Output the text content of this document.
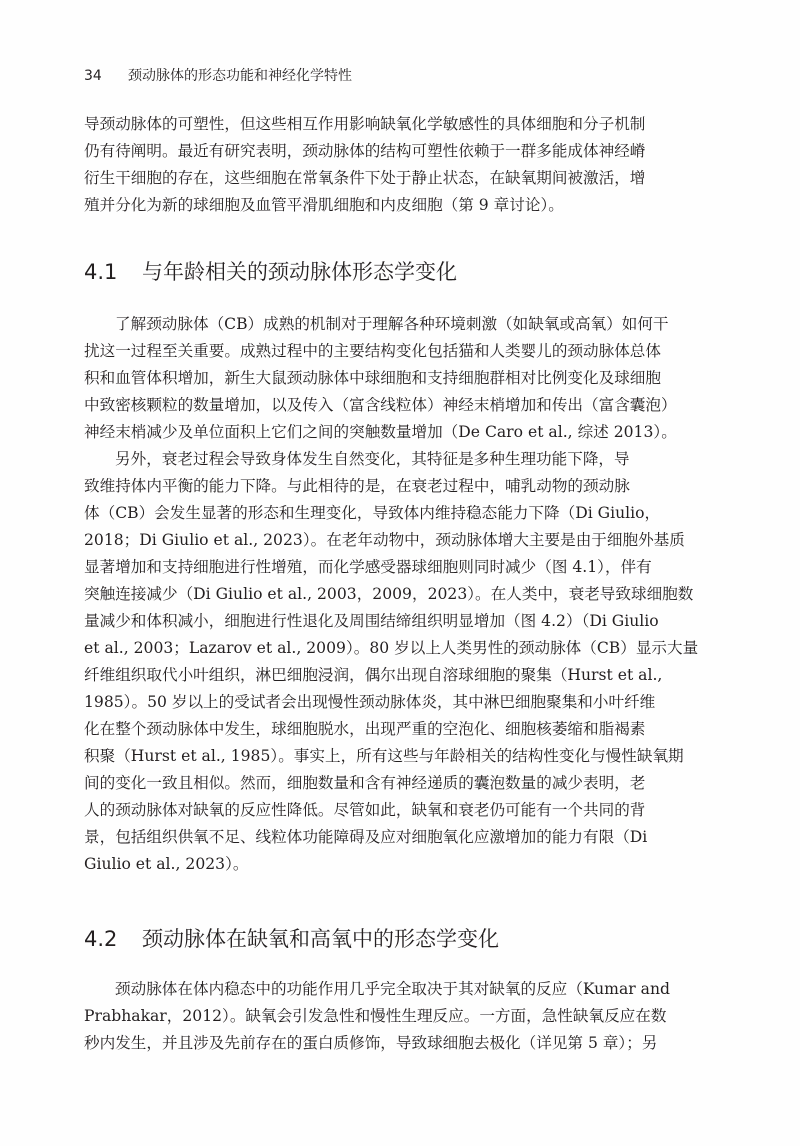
34 颈动脉体的形态功能和神经化学特性
导颈动脉体的可塑性，但这些相互作用影响缺氧化学敏感性的具体细胞和分子机制
仍有待阐明。最近有研究表明，颈动脉体的结构可塑性依赖于一群多能成体神经嵴
衍生干细胞的存在，这些细胞在常氧条件下处于静止状态，在缺氧期间被激活，增
殖并分化为新的球细胞及血管平滑肌细胞和内皮细胞（第 9 章讨论）。
4.1 与年龄相关的颈动脉体形态学变化
了解颈动脉体（CB）成熟的机制对于理解各种环境刺激（如缺氧或高氧）如何干
扰这一过程至关重要。成熟过程中的主要结构变化包括猫和人类婴儿的颈动脉体总体
积和血管体积增加，新生大鼠颈动脉体中球细胞和支持细胞群相对比例变化及球细胞
中致密核颗粒的数量增加，以及传入（富含线粒体）神经末梢增加和传出（富含囊泡）
神经末梢减少及单位面积上它们之间的突触数量增加（De Caro et al., 综述 2013）。
另外，衰老过程会导致身体发生自然变化，其特征是多种生理功能下降，导
致维持体内平衡的能力下降。与此相待的是，在衰老过程中，哺乳动物的颈动脉
体（CB）会发生显著的形态和生理变化，导致体内维持稳态能力下降（Di Giulio，
2018；Di Giulio et al., 2023）。在老年动物中，颈动脉体增大主要是由于细胞外基质
显著增加和支持细胞进行性增殖，而化学感受器球细胞则同时减少（图 4.1），伴有
突触连接减少（Di Giulio et al., 2003，2009，2023）。在人类中，衰老导致球细胞数
量减少和体积减小，细胞进行性退化及周围结缔组织明显增加（图 4.2）（Di Giulio
et al., 2003；Lazarov et al., 2009）。80 岁以上人类男性的颈动脉体（CB）显示大量
纤维组织取代小叶组织，淋巴细胞浸润，偶尔出现自溶球细胞的聚集（Hurst et al.,
1985）。50 岁以上的受试者会出现慢性颈动脉体炎，其中淋巴细胞聚集和小叶纤维
化在整个颈动脉体中发生，球细胞脱水，出现严重的空泡化、细胞核萎缩和脂褐素
积聚（Hurst et al., 1985）。事实上，所有这些与年龄相关的结构性变化与慢性缺氧期
间的变化一致且相似。然而，细胞数量和含有神经递质的囊泡数量的减少表明，老
人的颈动脉体对缺氧的反应性降低。尽管如此，缺氧和衰老仍可能有一个共同的背
景，包括组织供氧不足、线粒体功能障碍及应对细胞氧化应激增加的能力有限（Di
Giulio et al., 2023）。
4.2 颈动脉体在缺氧和高氧中的形态学变化
颈动脉体在体内稳态中的功能作用几乎完全取决于其对缺氧的反应（Kumar and
Prabhakar，2012）。缺氧会引发急性和慢性生理反应。一方面，急性缺氧反应在数
秒内发生，并且涉及先前存在的蛋白质修饰，导致球细胞去极化（详见第 5 章）；另
